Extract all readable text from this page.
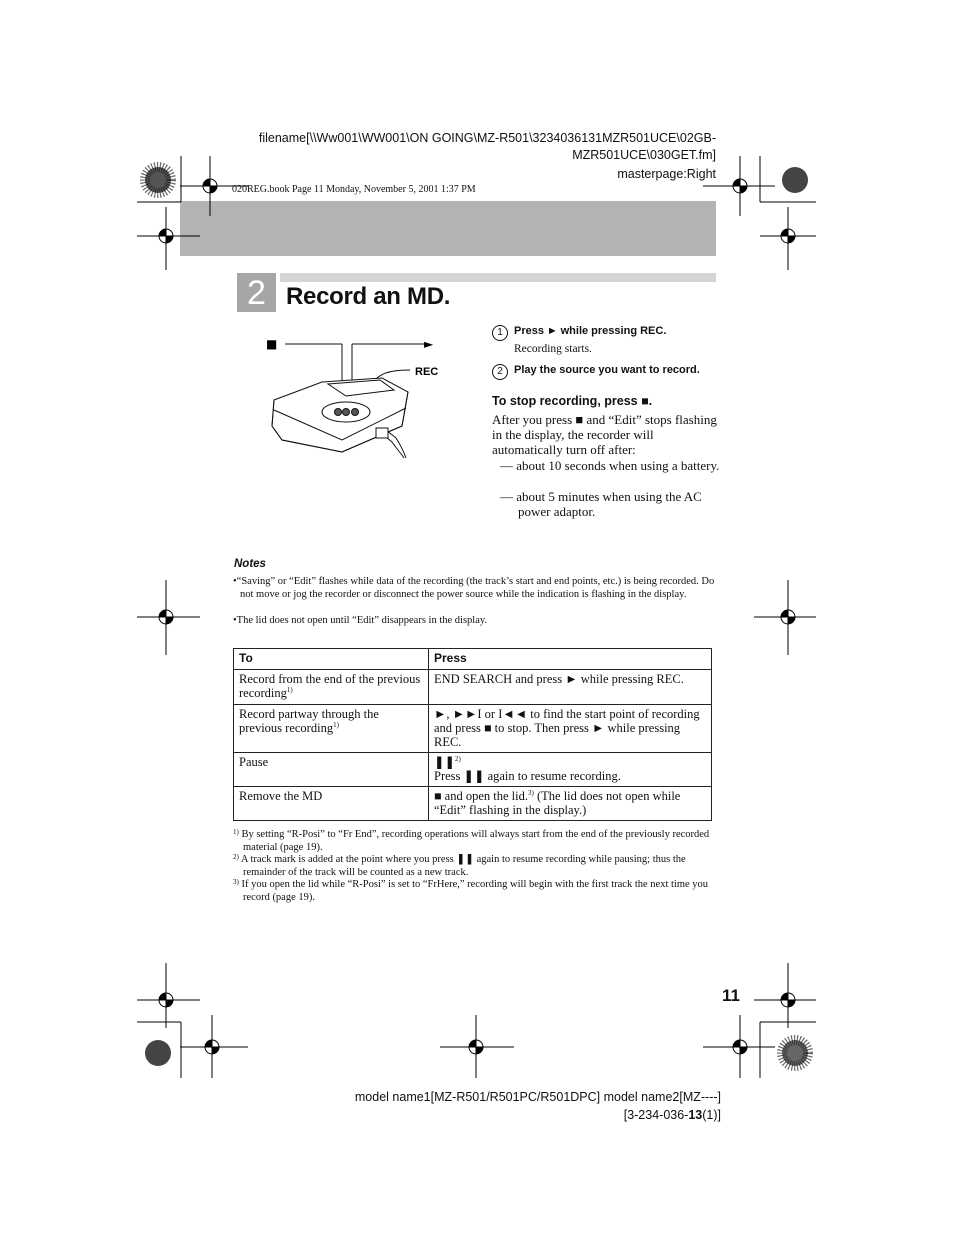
filename[\\Ww001\WW001\ON GOING\MZ-R501\3234036131MZR501UCE\02GB-MZR501UCE\030GET.fm]
masterpage:Right
020REG.book Page 11 Monday, November 5, 2001 1:37 PM
2 Record an MD.
■	►
REC
1 Press ► while pressing REC.
Recording starts.
2 Play the source you want to record.
To stop recording, press ■.
After you press ■ and “Edit” stops flashing in the display, the recorder will automatically turn off after:
— about 10 seconds when using a battery.
— about 5 minutes when using the AC power adaptor.
Notes
•“Saving” or “Edit” flashes while data of the recording (the track’s start and end points, etc.) is being recorded. Do not move or jog the recorder or disconnect the power source while the indication is flashing in the display.
•The lid does not open until “Edit” disappears in the display.
To	Press
Record from the end of the previous recording$^{1)}$	END SEARCH and press ► while pressing REC.
Record partway through the previous recording$^{1)}$	►, ►►I or I◄◄ to find the start point of recording and press ■ to stop. Then press ► while pressing REC.
Pause	❚❚$^{2)}$
Press ❚❚ again to resume recording.
Remove the MD	■ and open the lid.$^{3)}$ (The lid does not open while “Edit” flashing in the display.)
$^{1)}$ By setting “R-Posi” to “Fr End”, recording operations will always start from the end of the previously recorded material (page 19).
$^{2)}$ A track mark is added at the point where you press ❚❚ again to resume recording while pausing; thus the remainder of the track will be counted as a new track.
$^{3)}$ If you open the lid while “R-Posi” is set to “FrHere,” recording will begin with the first track the next time you record (page 19).
11
model name1[MZ-R501/R501PC/R501DPC] model name2[MZ----]
[3-234-036-13(1)]
